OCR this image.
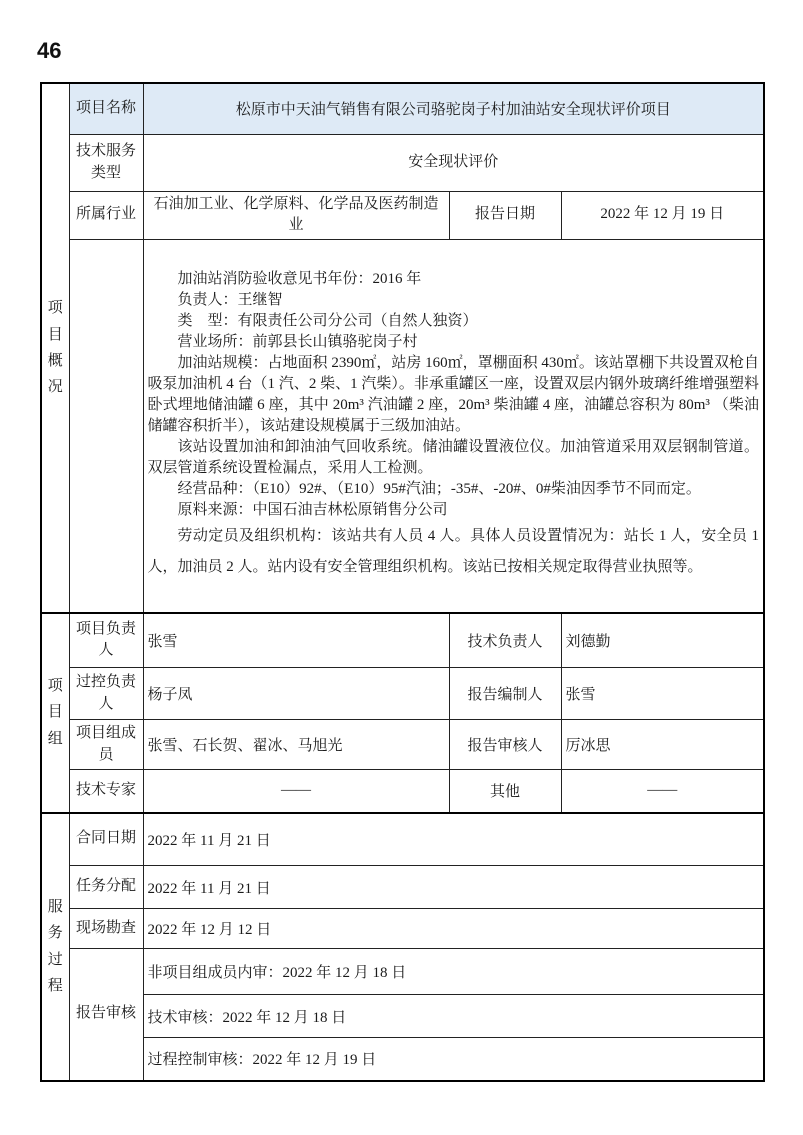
46
项目概况	项目名称	松原市中天油气销售有限公司骆驼岗子村加油站安全现状评价项目		
	技术服务类型	安全现状评价		
	所属行业	石油加工业、化学原料、化学品及医药制造业	报告日期	2022 年 12 月 19 日

加油站消防验收意见书年份：2016 年

负责人：王继智

类　型：有限责任公司分公司（自然人独资）

营业场所：前郭县长山镇骆驼岗子村

加油站规模：占地面积 2390㎡，站房 160㎡，罩棚面积 430㎡。该站罩棚下共设置双枪自吸泵加油机 4 台（1 汽、2 柴、1 汽柴）。非承重罐区一座，设置双层内钢外玻璃纤维增强塑料卧式埋地储油罐 6 座，其中 20m³ 汽油罐 2 座，20m³ 柴油罐 4 座，油罐总容积为 80m³ （柴油储罐容积折半），该站建设规模属于三级加油站。

该站设置加油和卸油油气回收系统。储油罐设置液位仪。加油管道采用双层钢制管道。双层管道系统设置检漏点，采用人工检测。

经营品种：（E10）92#、（E10）95#汽油；-35#、-20#、0#柴油因季节不同而定。

原料来源：中国石油吉林松原销售分公司

劳动定员及组织机构：该站共有人员 4 人。具体人员设置情况为：站长 1 人，安全员 1 人，加油员 2 人。站内设有安全管理组织机构。该站已按相关规定取得营业执照等。

项目组	项目负责人	张雪	技术负责人	刘德勤
	过控负责人	杨子凤	报告编制人	张雪
	项目组成员	张雪、石长贺、翟冰、马旭光	报告审核人	厉冰思
	技术专家	——	其他	——
服务过程	合同日期	2022 年 11 月 21 日		
	任务分配	2022 年 11 月 21 日		
	现场勘查	2022 年 12 月 12 日		
	报告审核	非项目组成员内审：2022 年 12 月 18 日		
		技术审核：2022 年 12 月 18 日		
		过程控制审核：2022 年 12 月 19 日		
